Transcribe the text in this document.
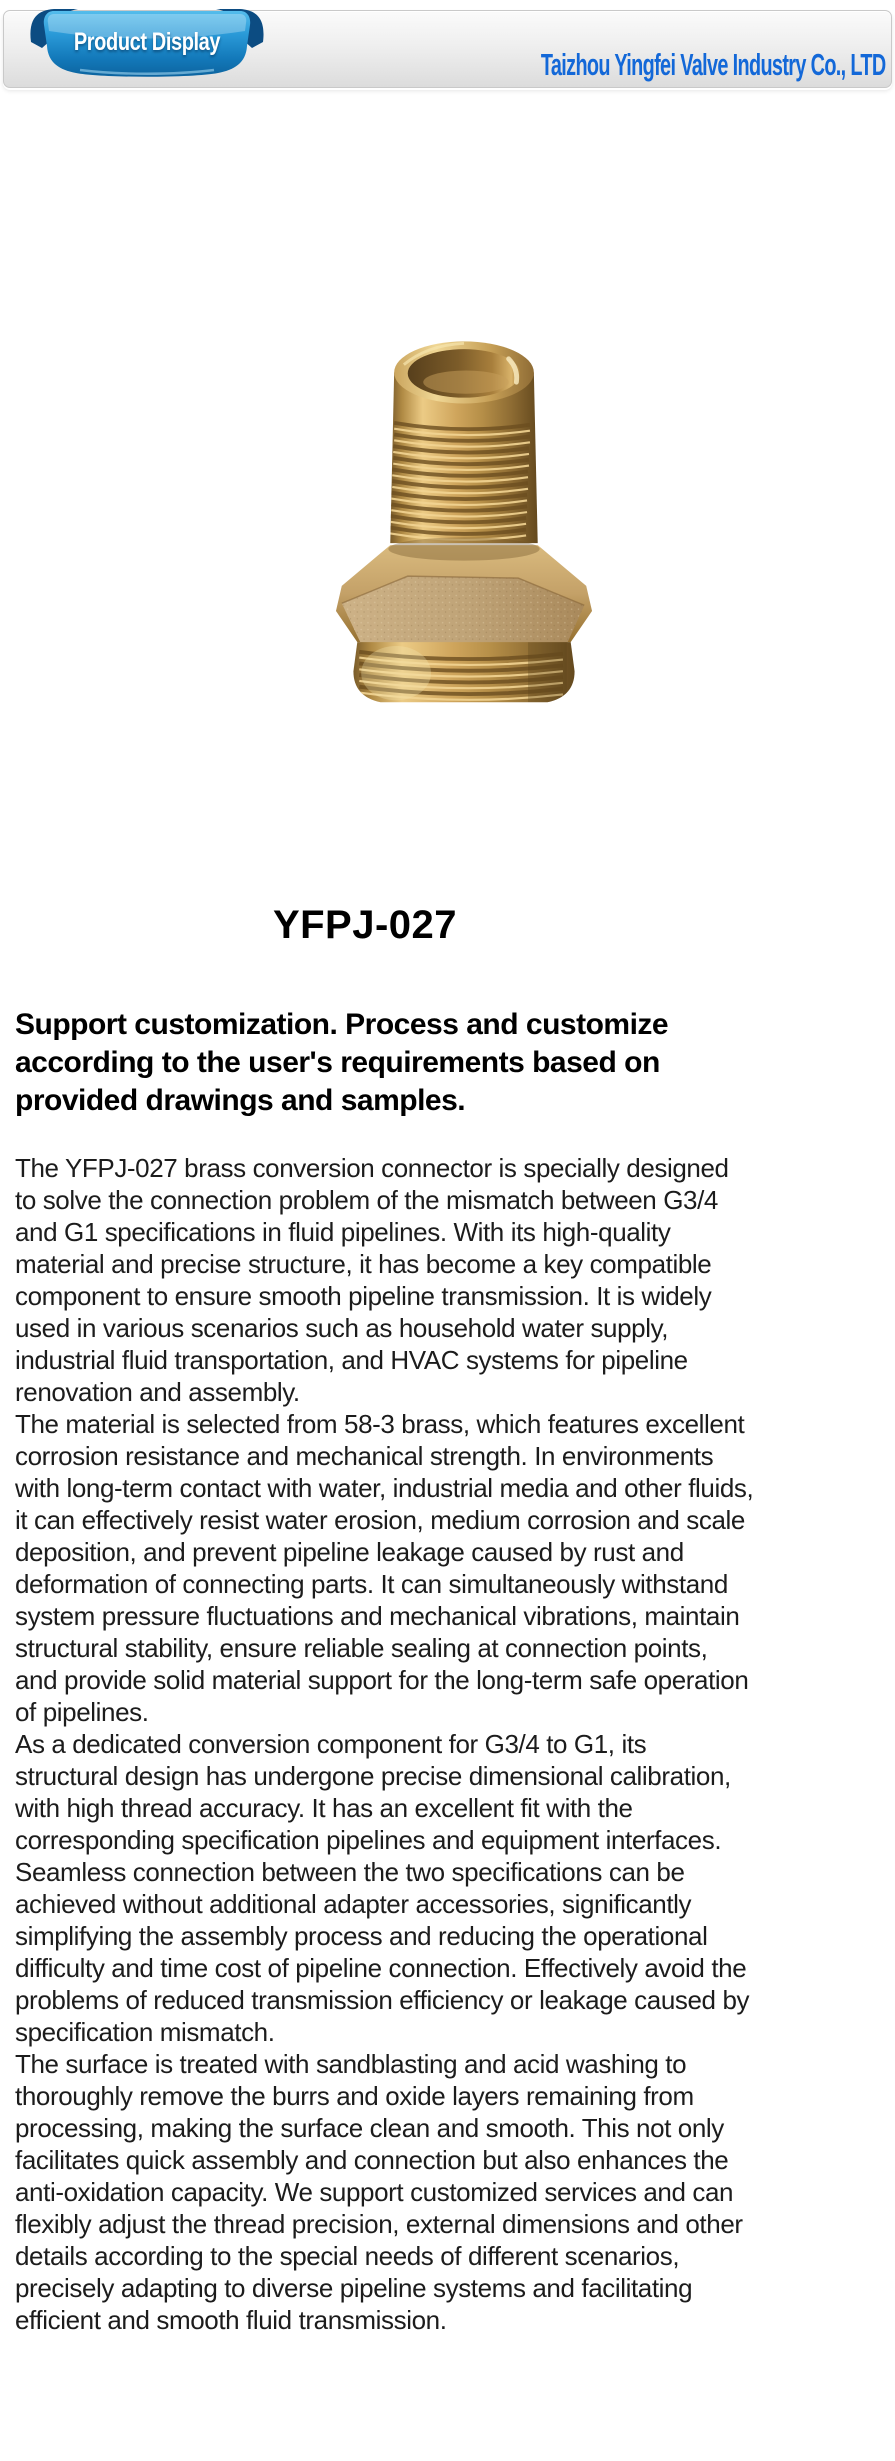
Product Display
Taizhou Yingfei Valve Industry Co., LTD
YFPJ-027
Support customization. Process and customize according to the user's requirements based on provided drawings and samples.

The YFPJ-027 brass conversion connector is specially designed to solve the connection problem of the mismatch between G3/4 and G1 specifications in fluid pipelines. With its high-quality material and precise structure, it has become a key compatible component to ensure smooth pipeline transmission. It is widely used in various scenarios such as household water supply, industrial fluid transportation, and HVAC systems for pipeline renovation and assembly.

The material is selected from 58-3 brass, which features excellent corrosion resistance and mechanical strength. In environments with long-term contact with water, industrial media and other fluids, it can effectively resist water erosion, medium corrosion and scale deposition, and prevent pipeline leakage caused by rust and deformation of connecting parts. It can simultaneously withstand system pressure fluctuations and mechanical vibrations, maintain structural stability, ensure reliable sealing at connection points, and provide solid material support for the long-term safe operation of pipelines.

As a dedicated conversion component for G3/4 to G1, its structural design has undergone precise dimensional calibration, with high thread accuracy. It has an excellent fit with the corresponding specification pipelines and equipment interfaces. Seamless connection between the two specifications can be achieved without additional adapter accessories, significantly simplifying the assembly process and reducing the operational difficulty and time cost of pipeline connection. Effectively avoid the problems of reduced transmission efficiency or leakage caused by specification mismatch.

The surface is treated with sandblasting and acid washing to thoroughly remove the burrs and oxide layers remaining from processing, making the surface clean and smooth. This not only facilitates quick assembly and connection but also enhances the anti-oxidation capacity. We support customized services and can flexibly adjust the thread precision, external dimensions and other details according to the special needs of different scenarios, precisely adapting to diverse pipeline systems and facilitating efficient and smooth fluid transmission.
